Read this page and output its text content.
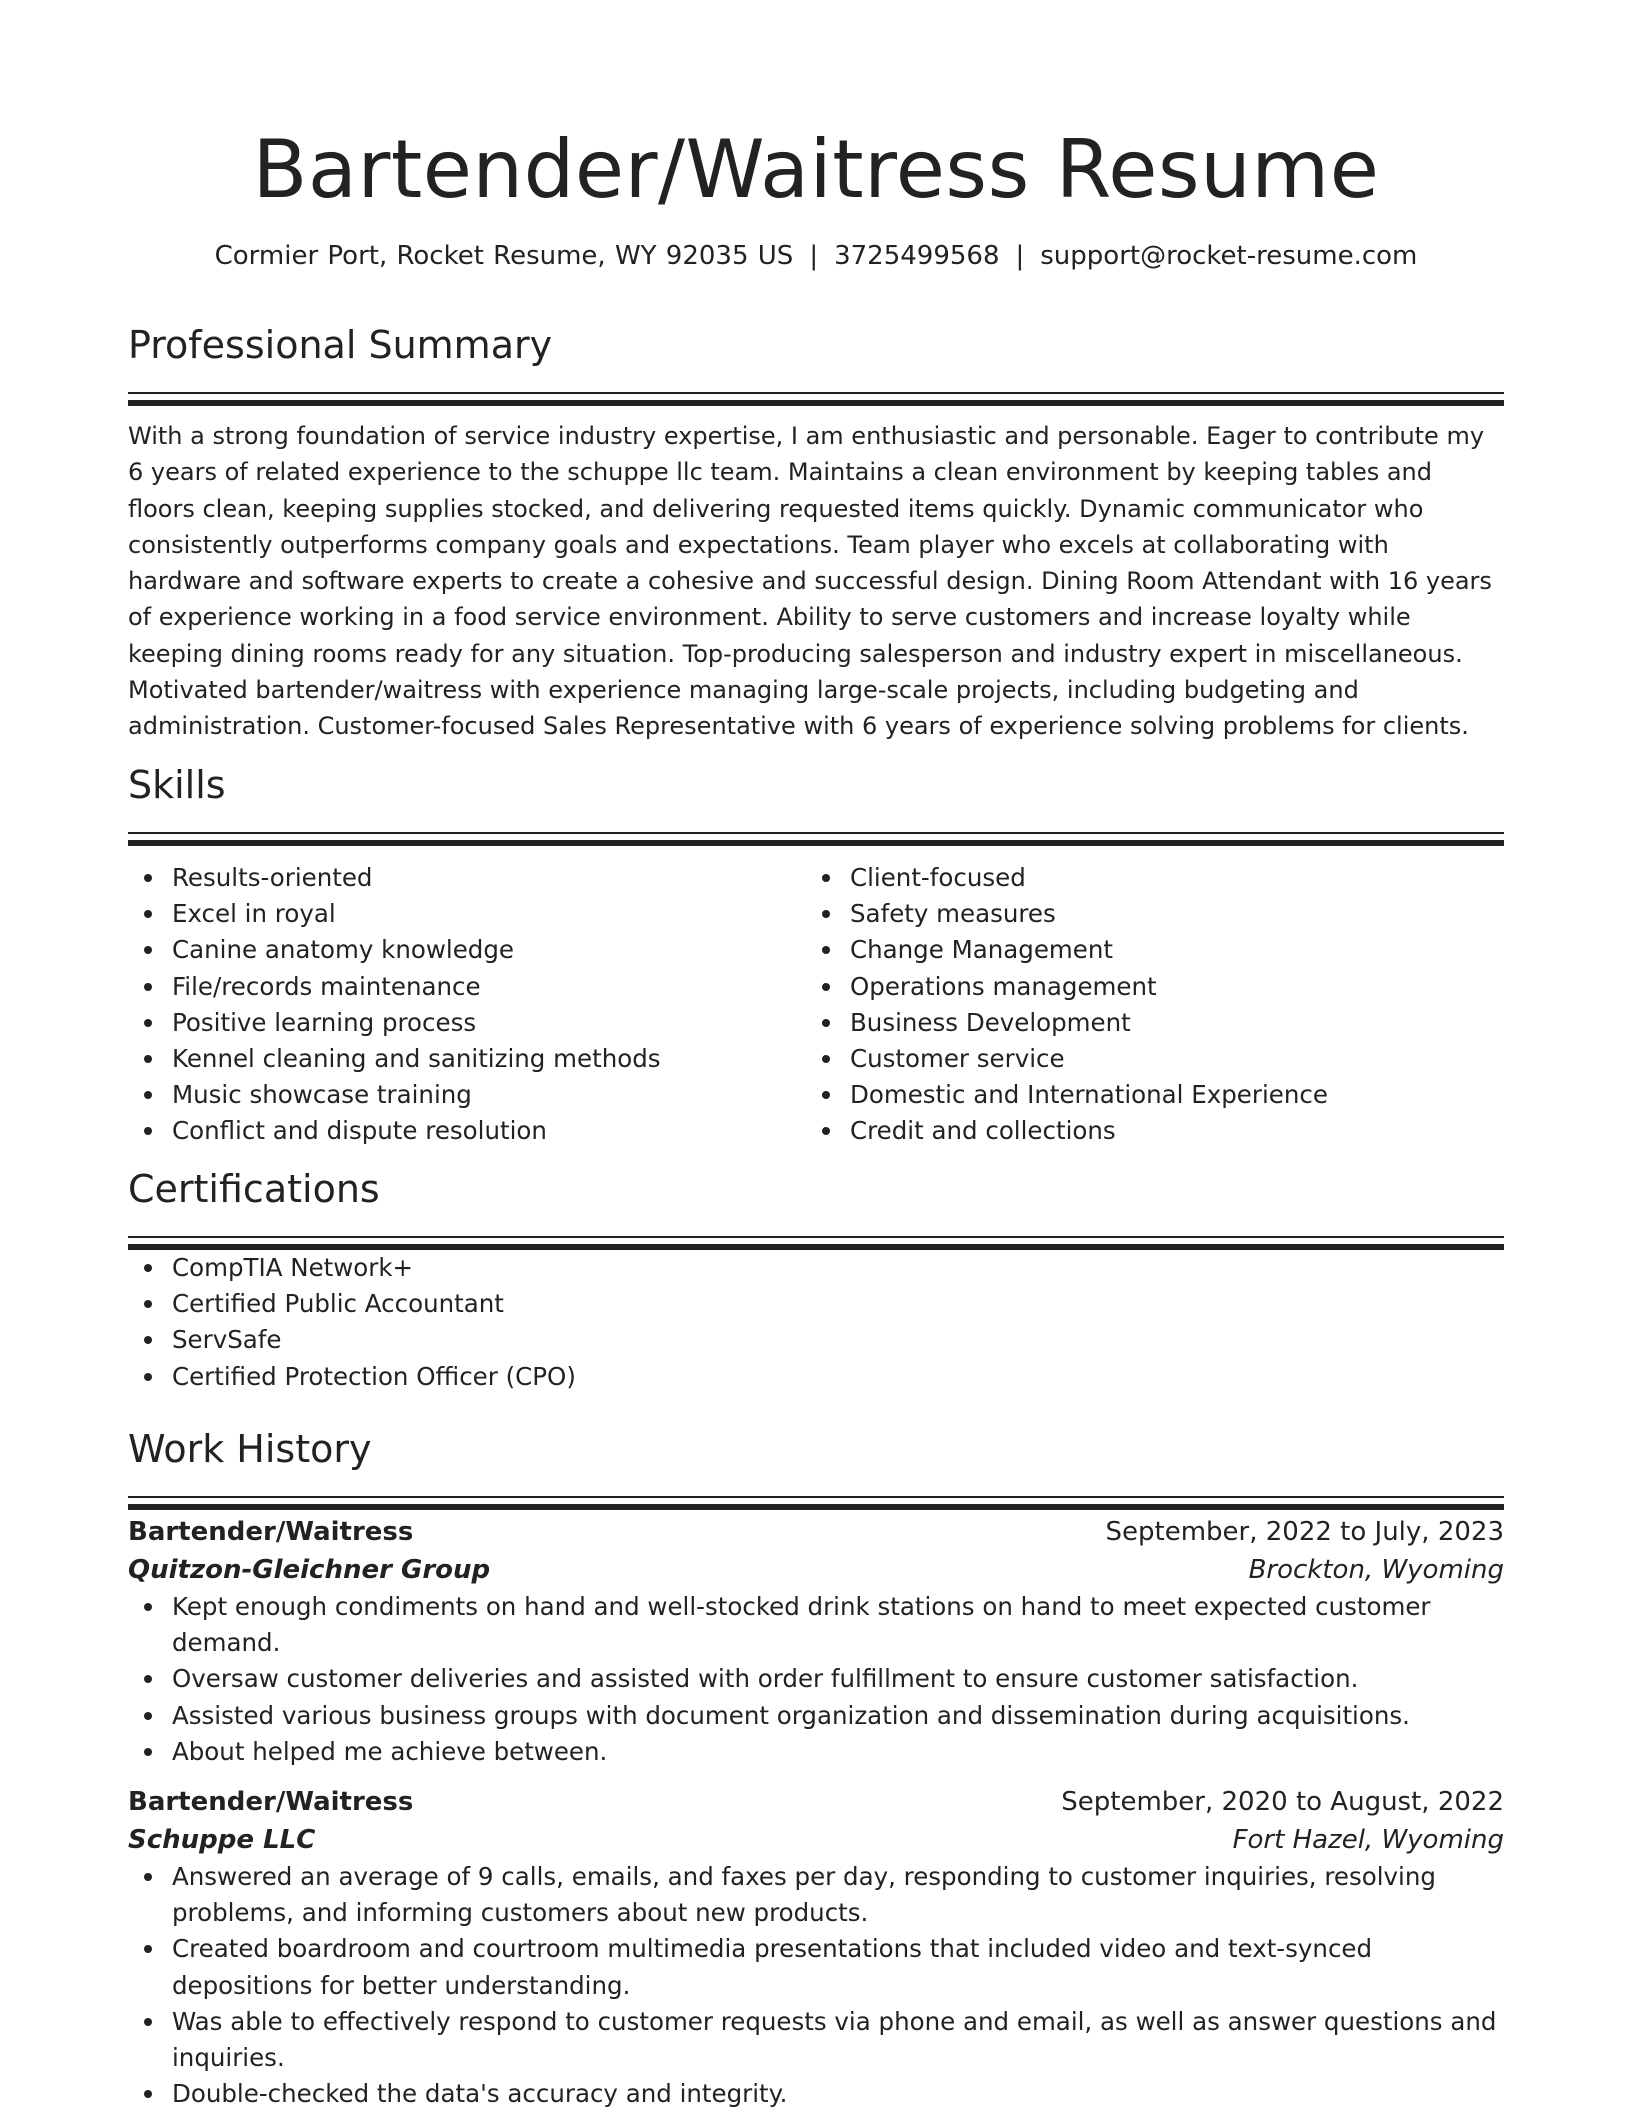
Bartender/Waitress Resume
Cormier Port, Rocket Resume, WY 92035 US | 3725499568 | support@rocket-resume.com
Professional Summary

With a strong foundation of service industry expertise, I am enthusiastic and personable. Eager to contribute my 6 years of related experience to the schuppe llc team. Maintains a clean environment by keeping tables and floors clean, keeping supplies stocked, and delivering requested items quickly. Dynamic communicator who consistently outperforms company goals and expectations. Team player who excels at collaborating with hardware and software experts to create a cohesive and successful design. Dining Room Attendant with 16 years of experience working in a food service environment. Ability to serve customers and increase loyalty while keeping dining rooms ready for any situation. Top-producing salesperson and industry expert in miscellaneous. Motivated bartender/waitress with experience managing large-scale projects, including budgeting and administration. Customer-focused Sales Representative with 6 years of experience solving problems for clients.

Skills
Results-oriented
Excel in royal
Canine anatomy knowledge
File/records maintenance
Positive learning process
Kennel cleaning and sanitizing methods
Music showcase training
Conflict and dispute resolution
Client-focused
Safety measures
Change Management
Operations management
Business Development
Customer service
Domestic and International Experience
Credit and collections
Certifications
CompTIA Network+
Certified Public Accountant
ServSafe
Certified Protection Officer (CPO)
Work History
Bartender/Waitress	September, 2022 to July, 2023
Quitzon-Gleichner Group	Brockton, Wyoming
Kept enough condiments on hand and well-stocked drink stations on hand to meet expected customer demand.
Oversaw customer deliveries and assisted with order fulfillment to ensure customer satisfaction.
Assisted various business groups with document organization and dissemination during acquisitions.
About helped me achieve between.
Bartender/Waitress	September, 2020 to August, 2022
Schuppe LLC	Fort Hazel, Wyoming
Answered an average of 9 calls, emails, and faxes per day, responding to customer inquiries, resolving problems, and informing customers about new products.
Created boardroom and courtroom multimedia presentations that included video and text-synced depositions for better understanding.
Was able to effectively respond to customer requests via phone and email, as well as answer questions and inquiries.
Double-checked the data's accuracy and integrity.
